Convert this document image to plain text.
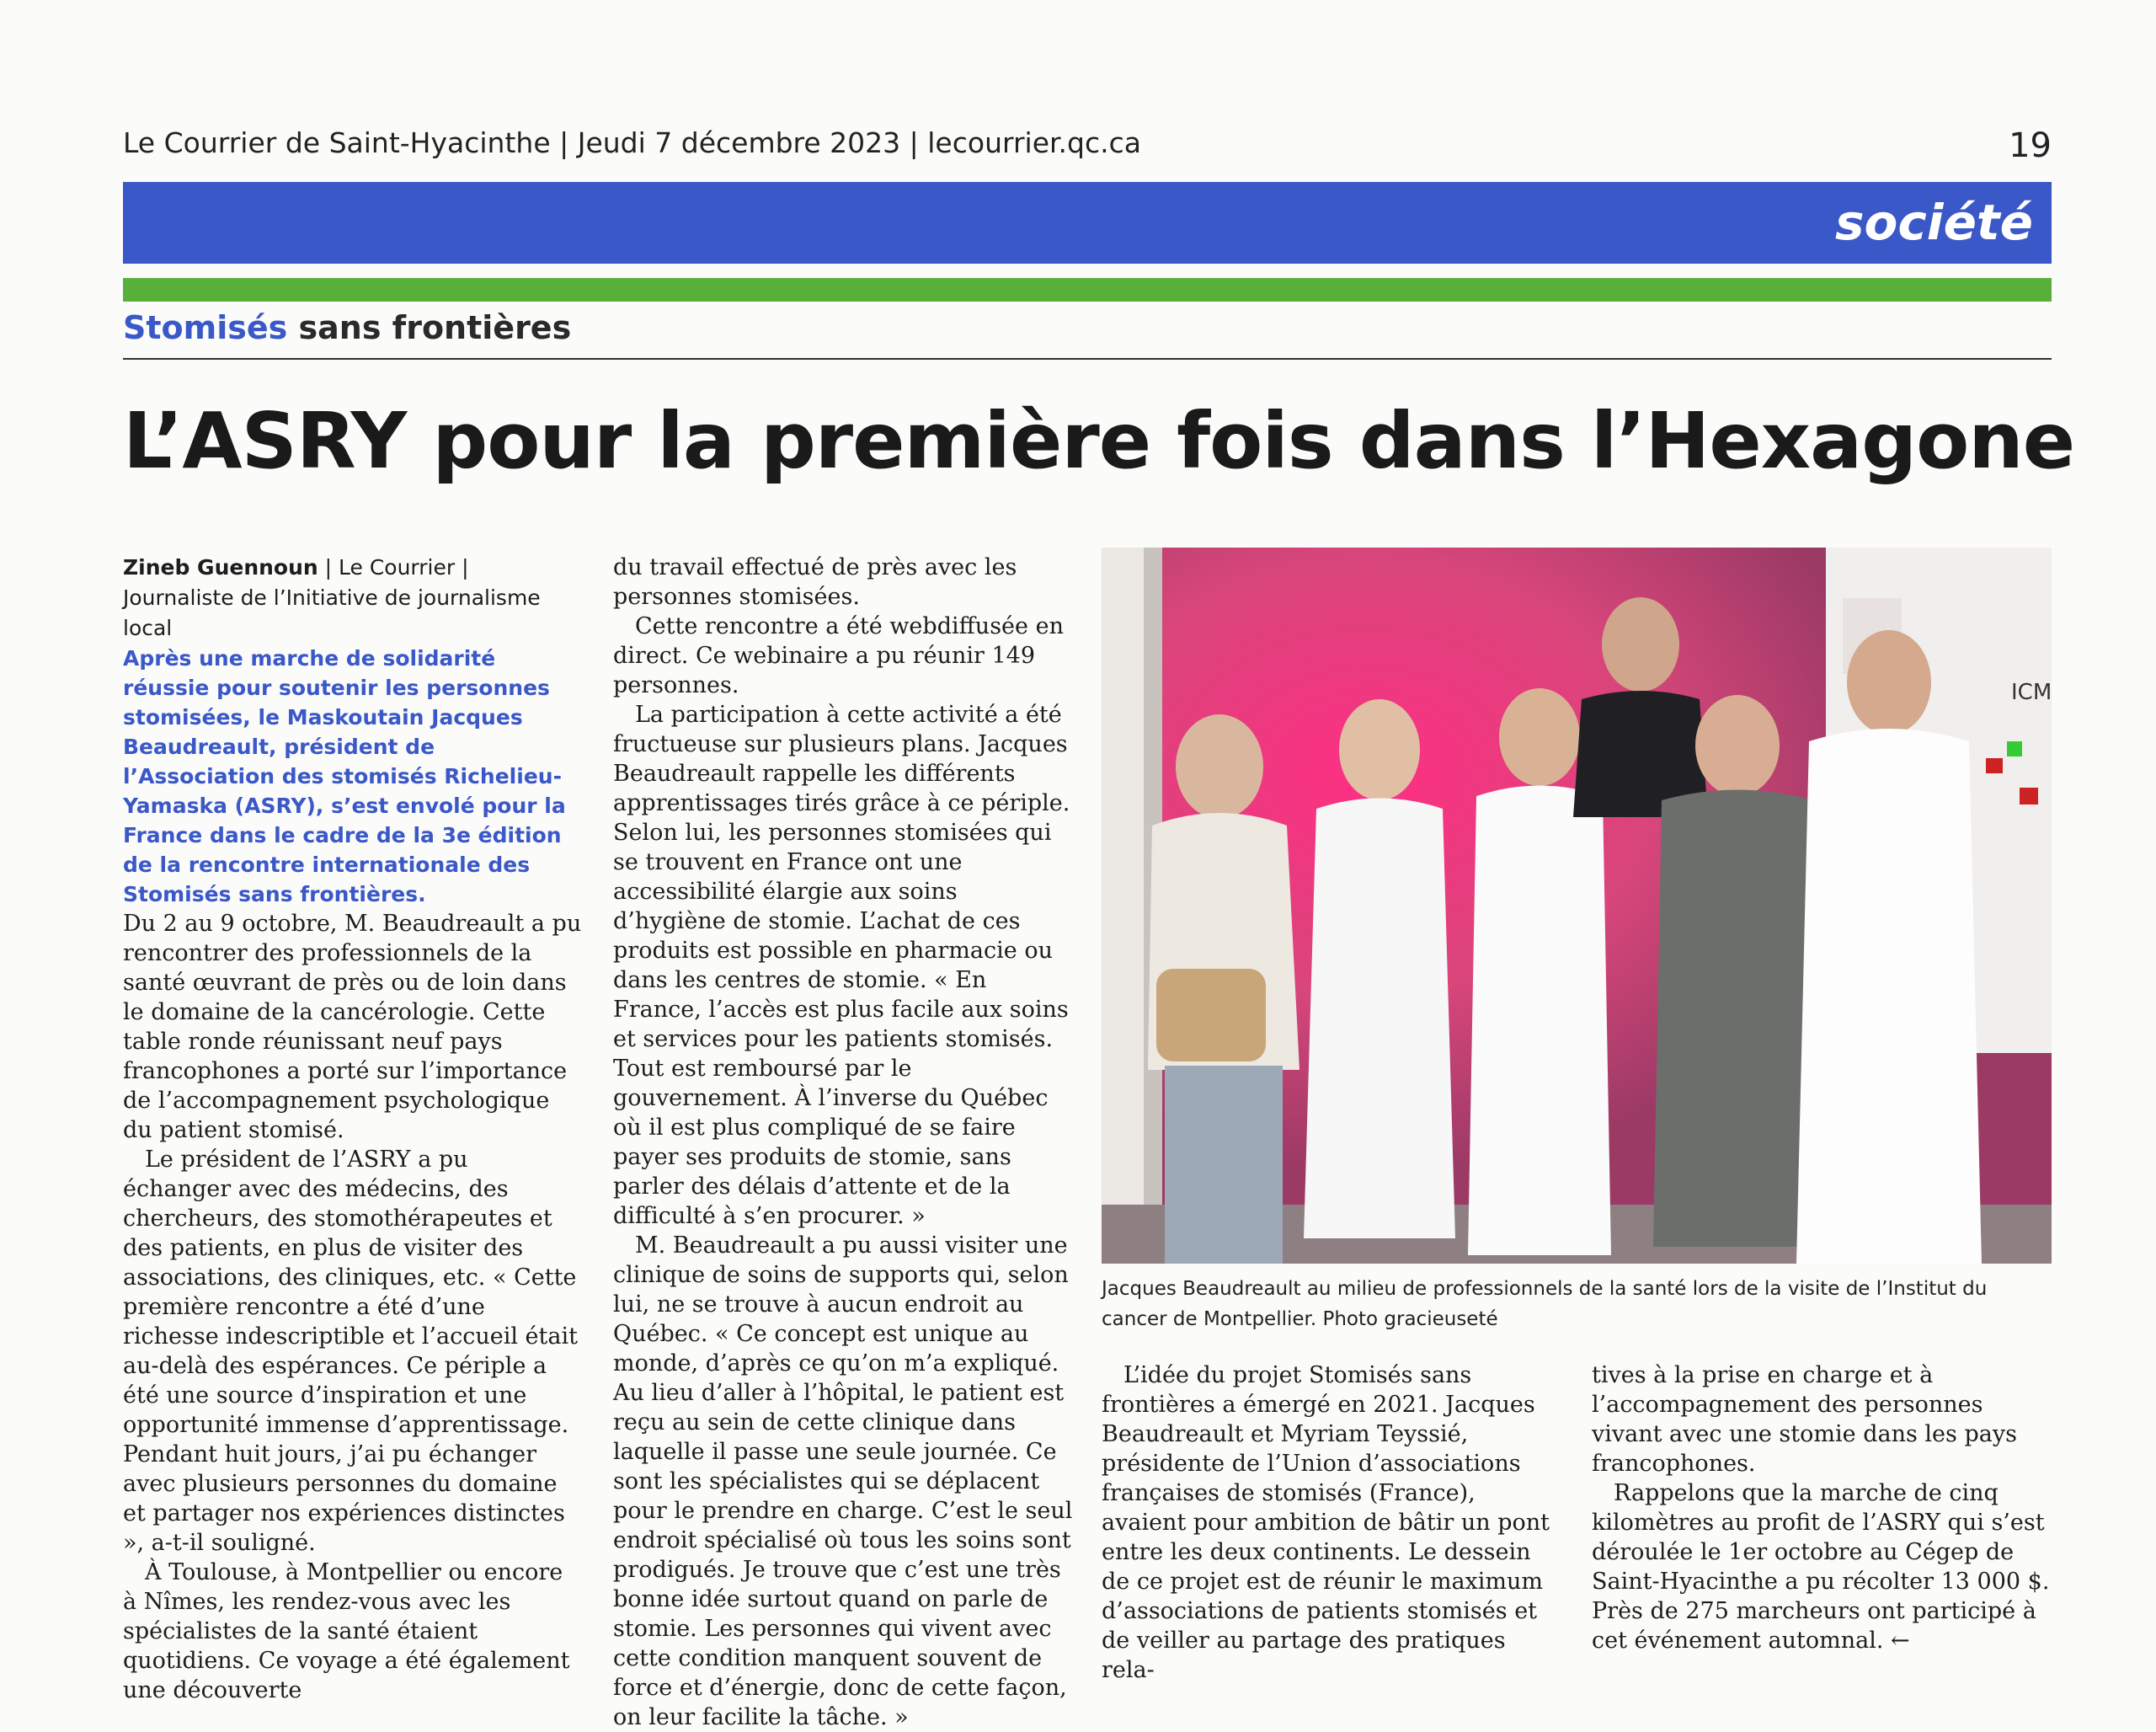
Le Courrier de Saint-Hyacinthe | Jeudi 7 décembre 2023 | lecourrier.qc.ca	19
société
Stomisés sans frontières
L’ASRY pour la première fois dans l’Hexagone

Zineb Guennoun | Le Courrier | Journaliste de l’Initiative de journalisme local

Après une marche de solidarité réussie pour soutenir les personnes stomisées, le Maskoutain Jacques Beaudreault, président de l’Association des stomisés Richelieu-Yamaska (ASRY), s’est envolé pour la France dans le cadre de la 3e édition de la rencontre internationale des Stomisés sans frontières.

Du 2 au 9 octobre, M. Beaudreault a pu rencontrer des professionnels de la santé œuvrant de près ou de loin dans le domaine de la cancérologie. Cette table ronde réunissant neuf pays francophones a porté sur l’importance de l’accompagnement psychologique du patient stomisé.

Le président de l’ASRY a pu échanger avec des médecins, des chercheurs, des stomothérapeutes et des patients, en plus de visiter des associations, des cliniques, etc. « Cette première rencontre a été d’une richesse indescriptible et l’accueil était au-delà des espérances. Ce périple a été une source d’inspiration et une opportunité immense d’apprentissage. Pendant huit jours, j’ai pu échanger avec plusieurs personnes du domaine et partager nos expériences distinctes », a-t-il souligné.

À Toulouse, à Montpellier ou encore à Nîmes, les rendez-vous avec les spécialistes de la santé étaient quotidiens. Ce voyage a été également une découverte

du travail effectué de près avec les personnes stomisées.

Cette rencontre a été webdiffusée en direct. Ce webinaire a pu réunir 149 personnes.

La participation à cette activité a été fructueuse sur plusieurs plans. Jacques Beaudreault rappelle les différents apprentissages tirés grâce à ce périple. Selon lui, les personnes stomisées qui se trouvent en France ont une accessibilité élargie aux soins d’hygiène de stomie. L’achat de ces produits est possible en pharmacie ou dans les centres de stomie. « En France, l’accès est plus facile aux soins et services pour les patients stomisés. Tout est remboursé par le gouvernement. À l’inverse du Québec où il est plus compliqué de se faire payer ses produits de stomie, sans parler des délais d’attente et de la difficulté à s’en procurer. »

M. Beaudreault a pu aussi visiter une clinique de soins de supports qui, selon lui, ne se trouve à aucun endroit au Québec. « Ce concept est unique au monde, d’après ce qu’on m’a expliqué. Au lieu d’aller à l’hôpital, le patient est reçu au sein de cette clinique dans laquelle il passe une seule journée. Ce sont les spécialistes qui se déplacent pour le prendre en charge. C’est le seul endroit spécialisé où tous les soins sont prodigués. Je trouve que c’est une très bonne idée surtout quand on parle de stomie. Les personnes qui vivent avec cette condition manquent souvent de force et d’énergie, donc de cette façon, on leur facilite la tâche. »

ICM
Jacques Beaudreault au milieu de professionnels de la santé lors de la visite de l’Institut du cancer de Montpellier. Photo gracieuseté

L’idée du projet Stomisés sans frontières a émergé en 2021. Jacques Beaudreault et Myriam Teyssié, présidente de l’Union d’associations françaises de stomisés (France), avaient pour ambition de bâtir un pont entre les deux continents. Le dessein de ce projet est de réunir le maximum d’associations de patients stomisés et de veiller au partage des pratiques rela-

tives à la prise en charge et à l’accompagnement des personnes vivant avec une stomie dans les pays francophones.

Rappelons que la marche de cinq kilomètres au profit de l’ASRY qui s’est déroulée le 1er octobre au Cégep de Saint-Hyacinthe a pu récolter 13 000 $. Près de 275 marcheurs ont participé à cet événement automnal. ←
